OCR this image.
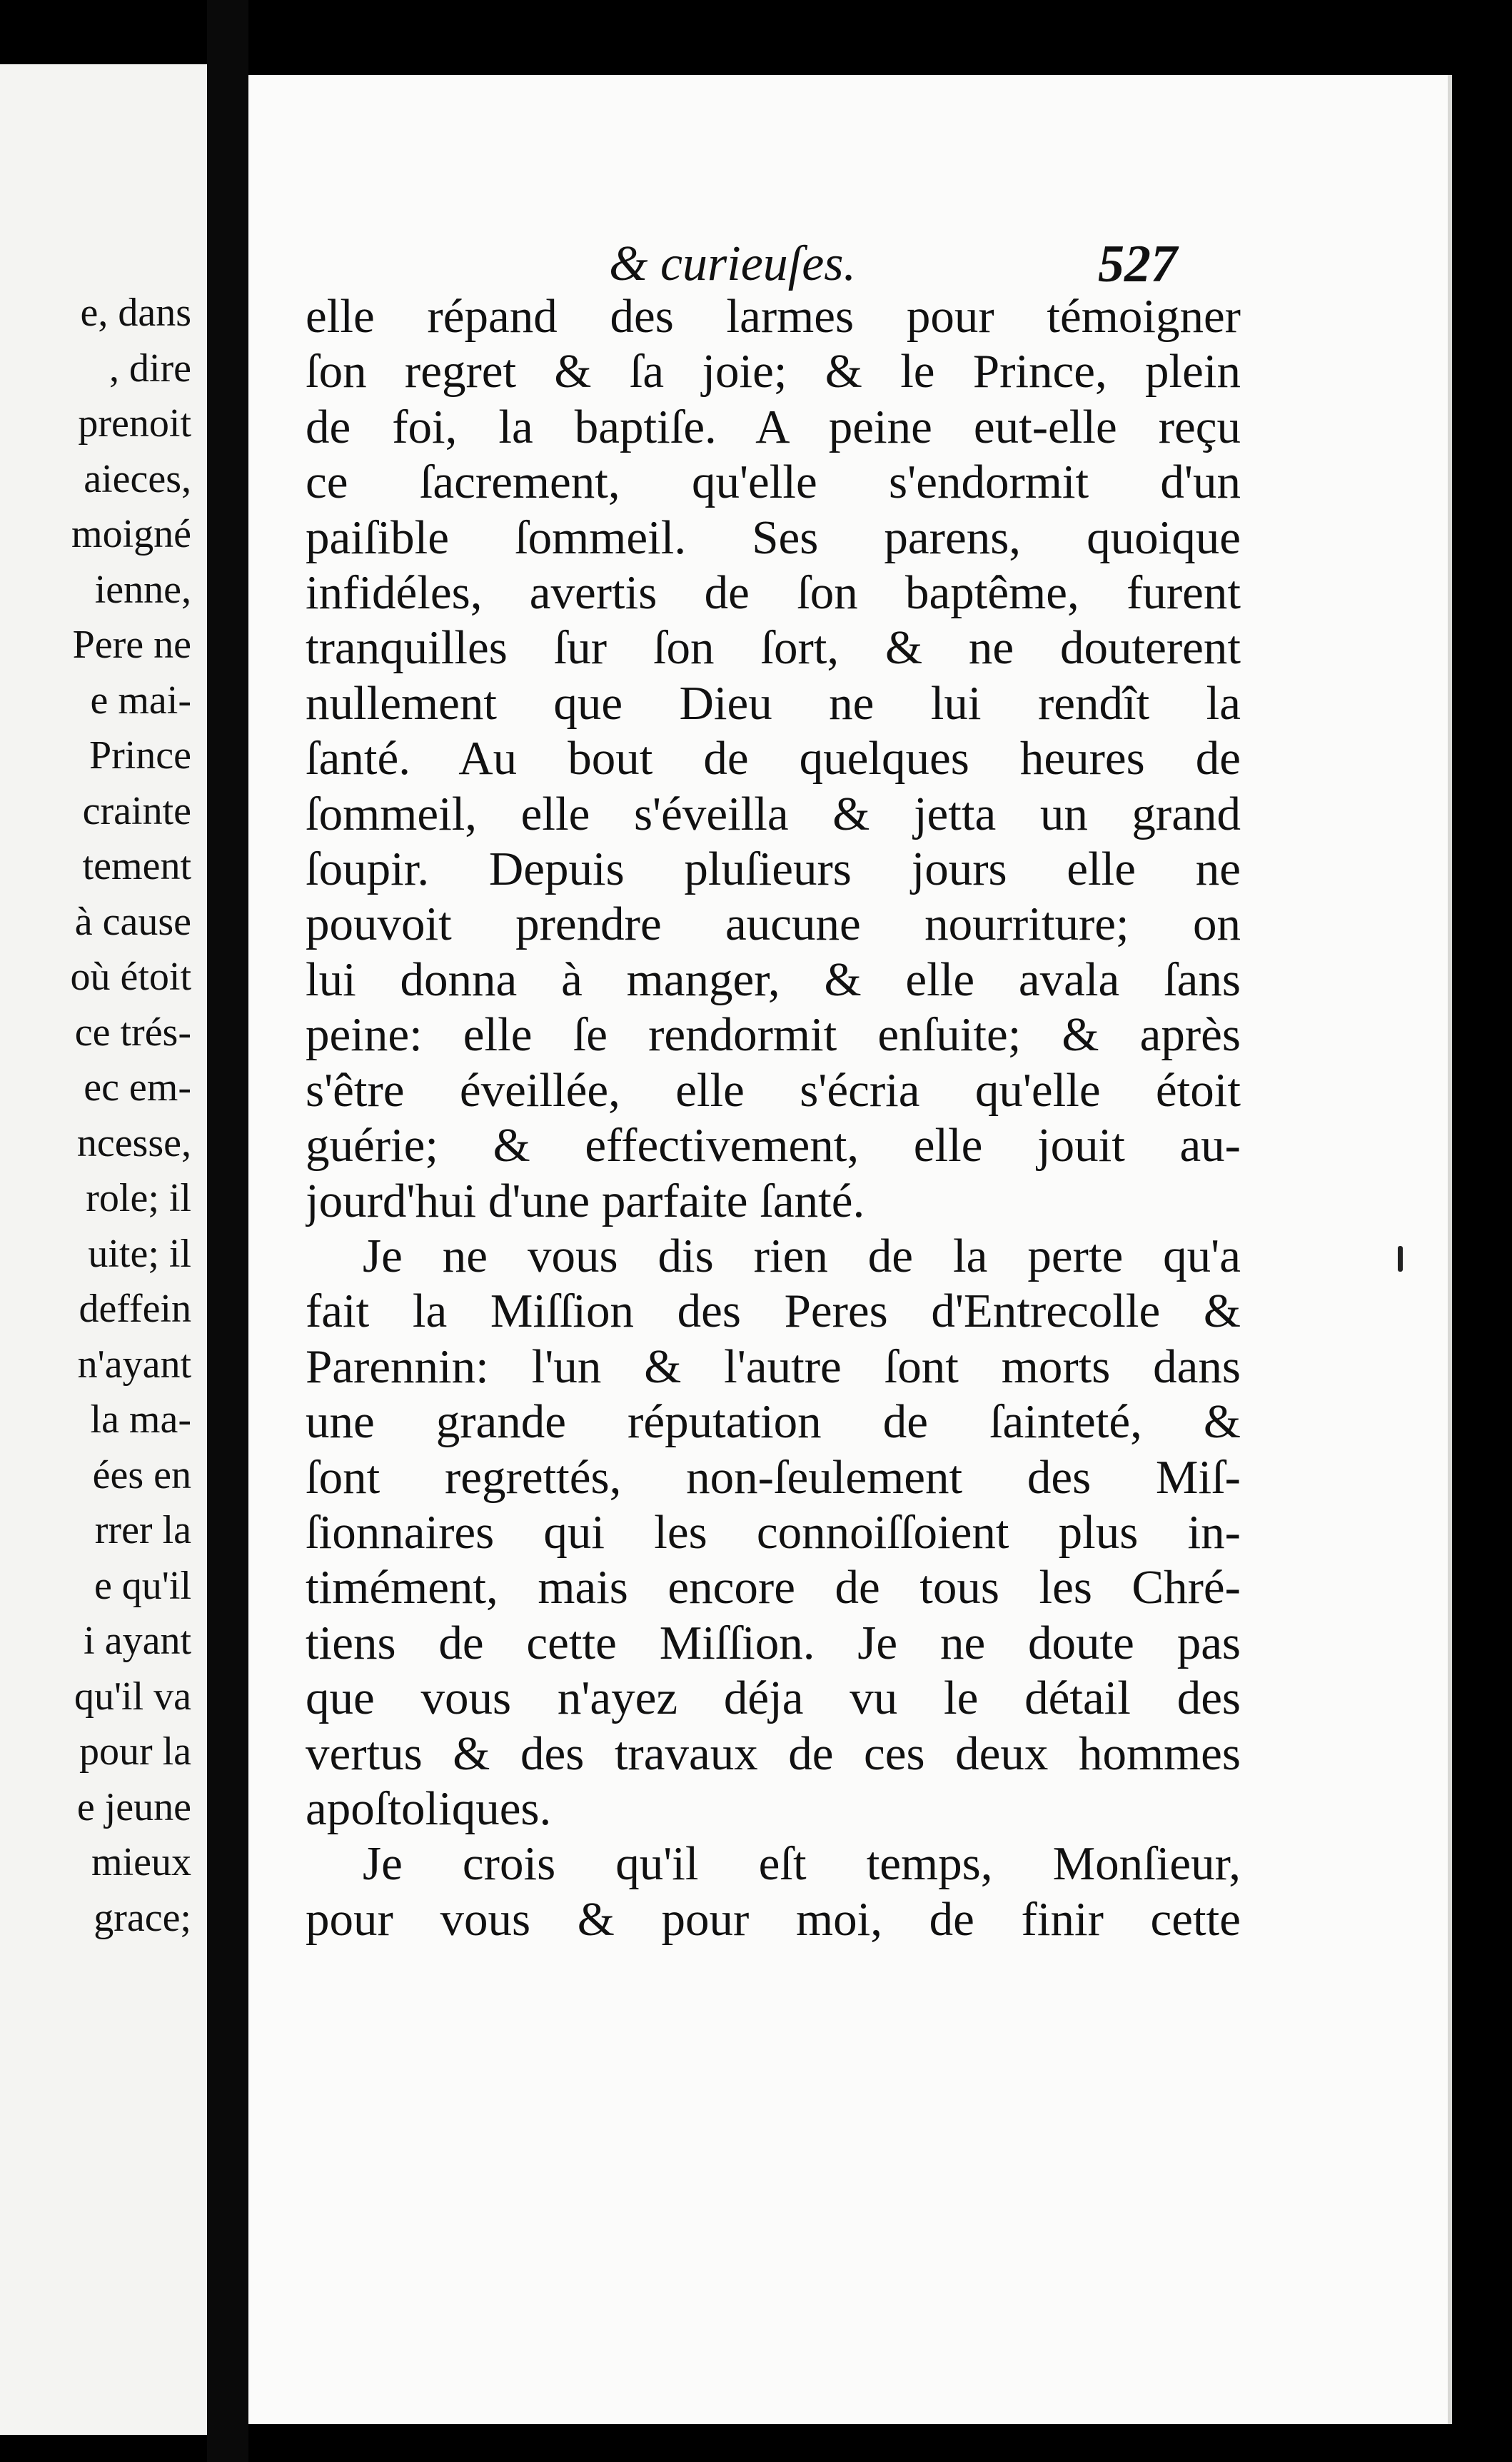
e, dans
, dire
prenoit
aieces,
moigné
ienne,
Pere ne
e mai-
Prince
crainte
tement
à cause
où étoit
ce trés-
ec em-
ncesse,
role; il
uite; il
deffein
n'ayant
la ma-
ées en
rrer la
e qu'il
i ayant
qu'il va
pour la
e jeune
mieux
grace;
& curieuſes.	527
elle répand des larmes pour témoigner
ſon regret & ſa joie; & le Prince, plein
de foi, la baptiſe. A peine eut-elle reçu
ce ſacrement, qu'elle s'endormit d'un
paiſible ſommeil. Ses parens, quoique
infidéles, avertis de ſon baptême, furent
tranquilles ſur ſon ſort, & ne douterent
nullement que Dieu ne lui rendît la
ſanté. Au bout de quelques heures de
ſommeil, elle s'éveilla & jetta un grand
ſoupir. Depuis pluſieurs jours elle ne
pouvoit prendre aucune nourriture; on
lui donna à manger, & elle avala ſans
peine: elle ſe rendormit enſuite; & après
s'être éveillée, elle s'écria qu'elle étoit
guérie; & effectivement, elle jouit au-
jourd'hui d'une parfaite ſanté.
Je ne vous dis rien de la perte qu'a
fait la Miſſion des Peres d'Entrecolle &
Parennin: l'un & l'autre ſont morts dans
une grande réputation de ſainteté, &
ſont regrettés, non-ſeulement des Miſ-
ſionnaires qui les connoiſſoient plus in-
timément, mais encore de tous les Chré-
tiens de cette Miſſion. Je ne doute pas
que vous n'ayez déja vu le détail des
vertus & des travaux de ces deux hommes
apoſtoliques.
Je crois qu'il eſt temps, Monſieur,
pour vous & pour moi, de finir cette
